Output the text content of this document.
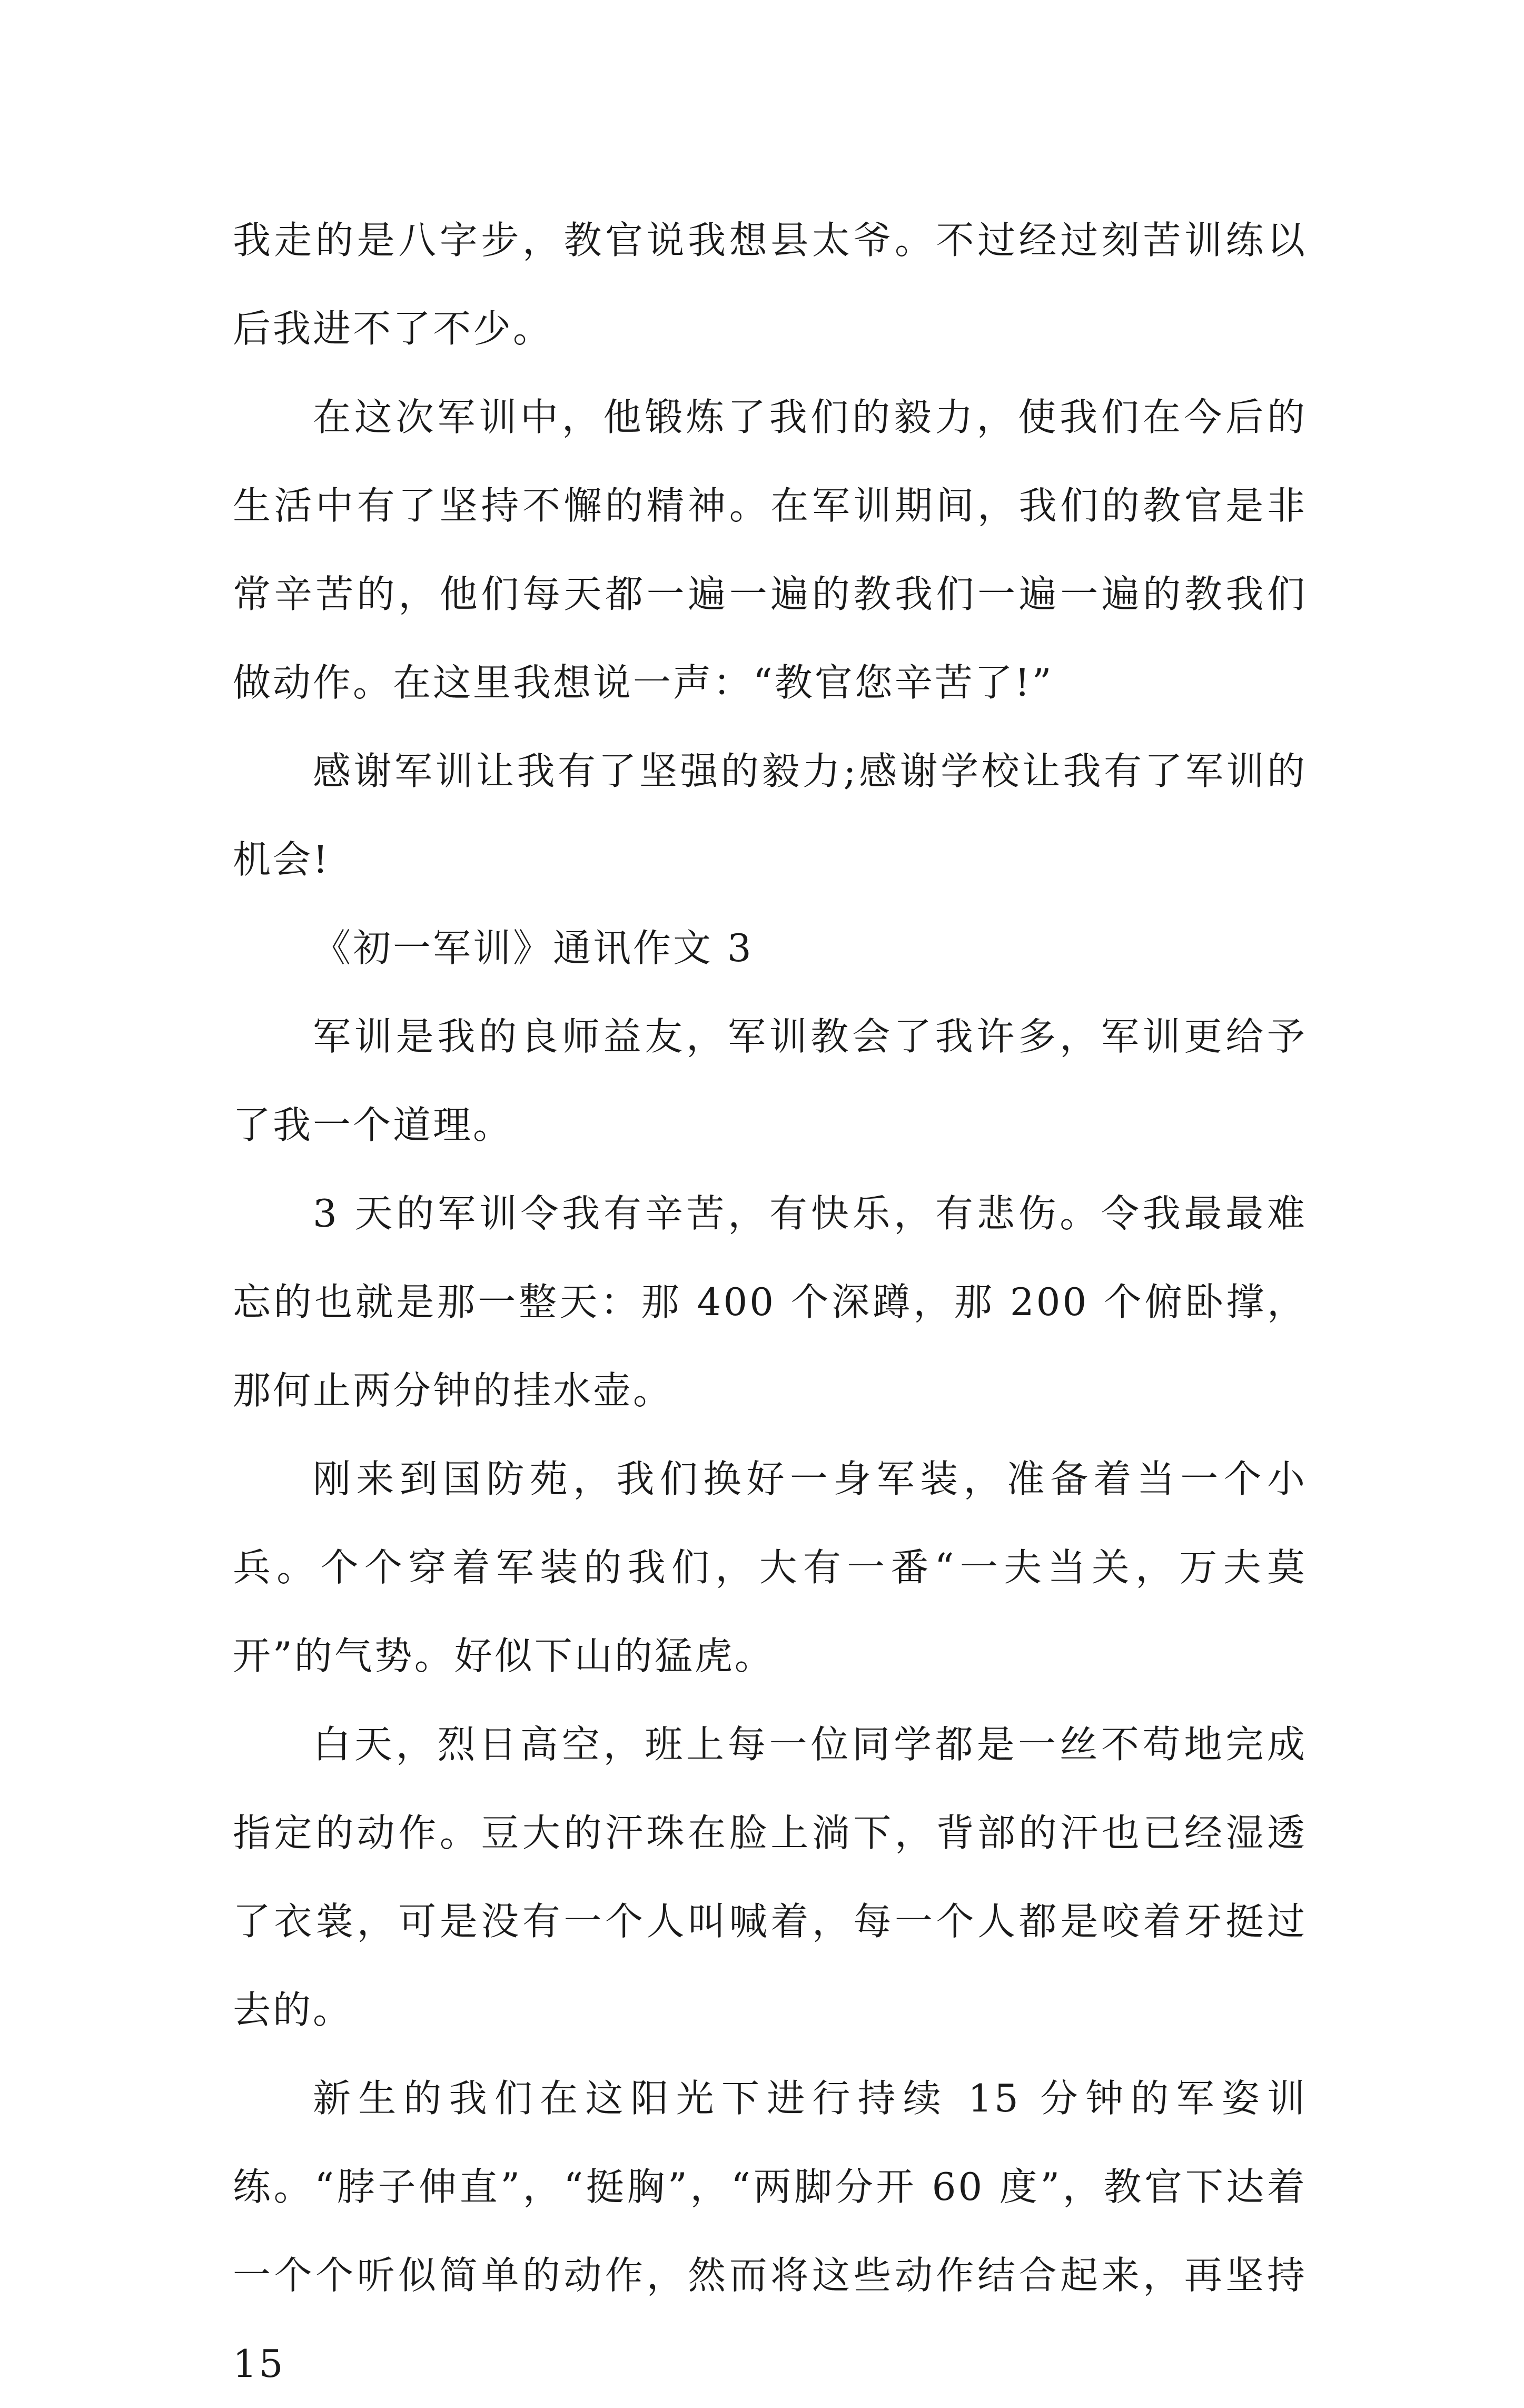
我走的是八字步，教官说我想县太爷。不过经过刻苦训练以后我进不了不少。

在这次军训中，他锻炼了我们的毅力，使我们在今后的生活中有了坚持不懈的精神。在军训期间，我们的教官是非常辛苦的，他们每天都一遍一遍的教我们一遍一遍的教我们做动作。在这里我想说一声：“教官您辛苦了!”

感谢军训让我有了坚强的毅力;感谢学校让我有了军训的机会!

《初一军训》通讯作文 3

军训是我的良师益友，军训教会了我许多，军训更给予了我一个道理。

3 天的军训令我有辛苦，有快乐，有悲伤。令我最最难忘的也就是那一整天：那 400 个深蹲，那 200 个俯卧撑，那何止两分钟的挂水壶。

刚来到国防苑，我们换好一身军装，准备着当一个小兵。个个穿着军装的我们，大有一番“一夫当关，万夫莫开”的气势。好似下山的猛虎。

白天，烈日高空，班上每一位同学都是一丝不苟地完成指定的动作。豆大的汗珠在脸上淌下，背部的汗也已经湿透了衣裳，可是没有一个人叫喊着，每一个人都是咬着牙挺过去的。

新生的我们在这阳光下进行持续 15 分钟的军姿训练。“脖子伸直”，“挺胸”，“两脚分开 60 度”，教官下达着一个个听似简单的动作，然而将这些动作结合起来，再坚持 15
